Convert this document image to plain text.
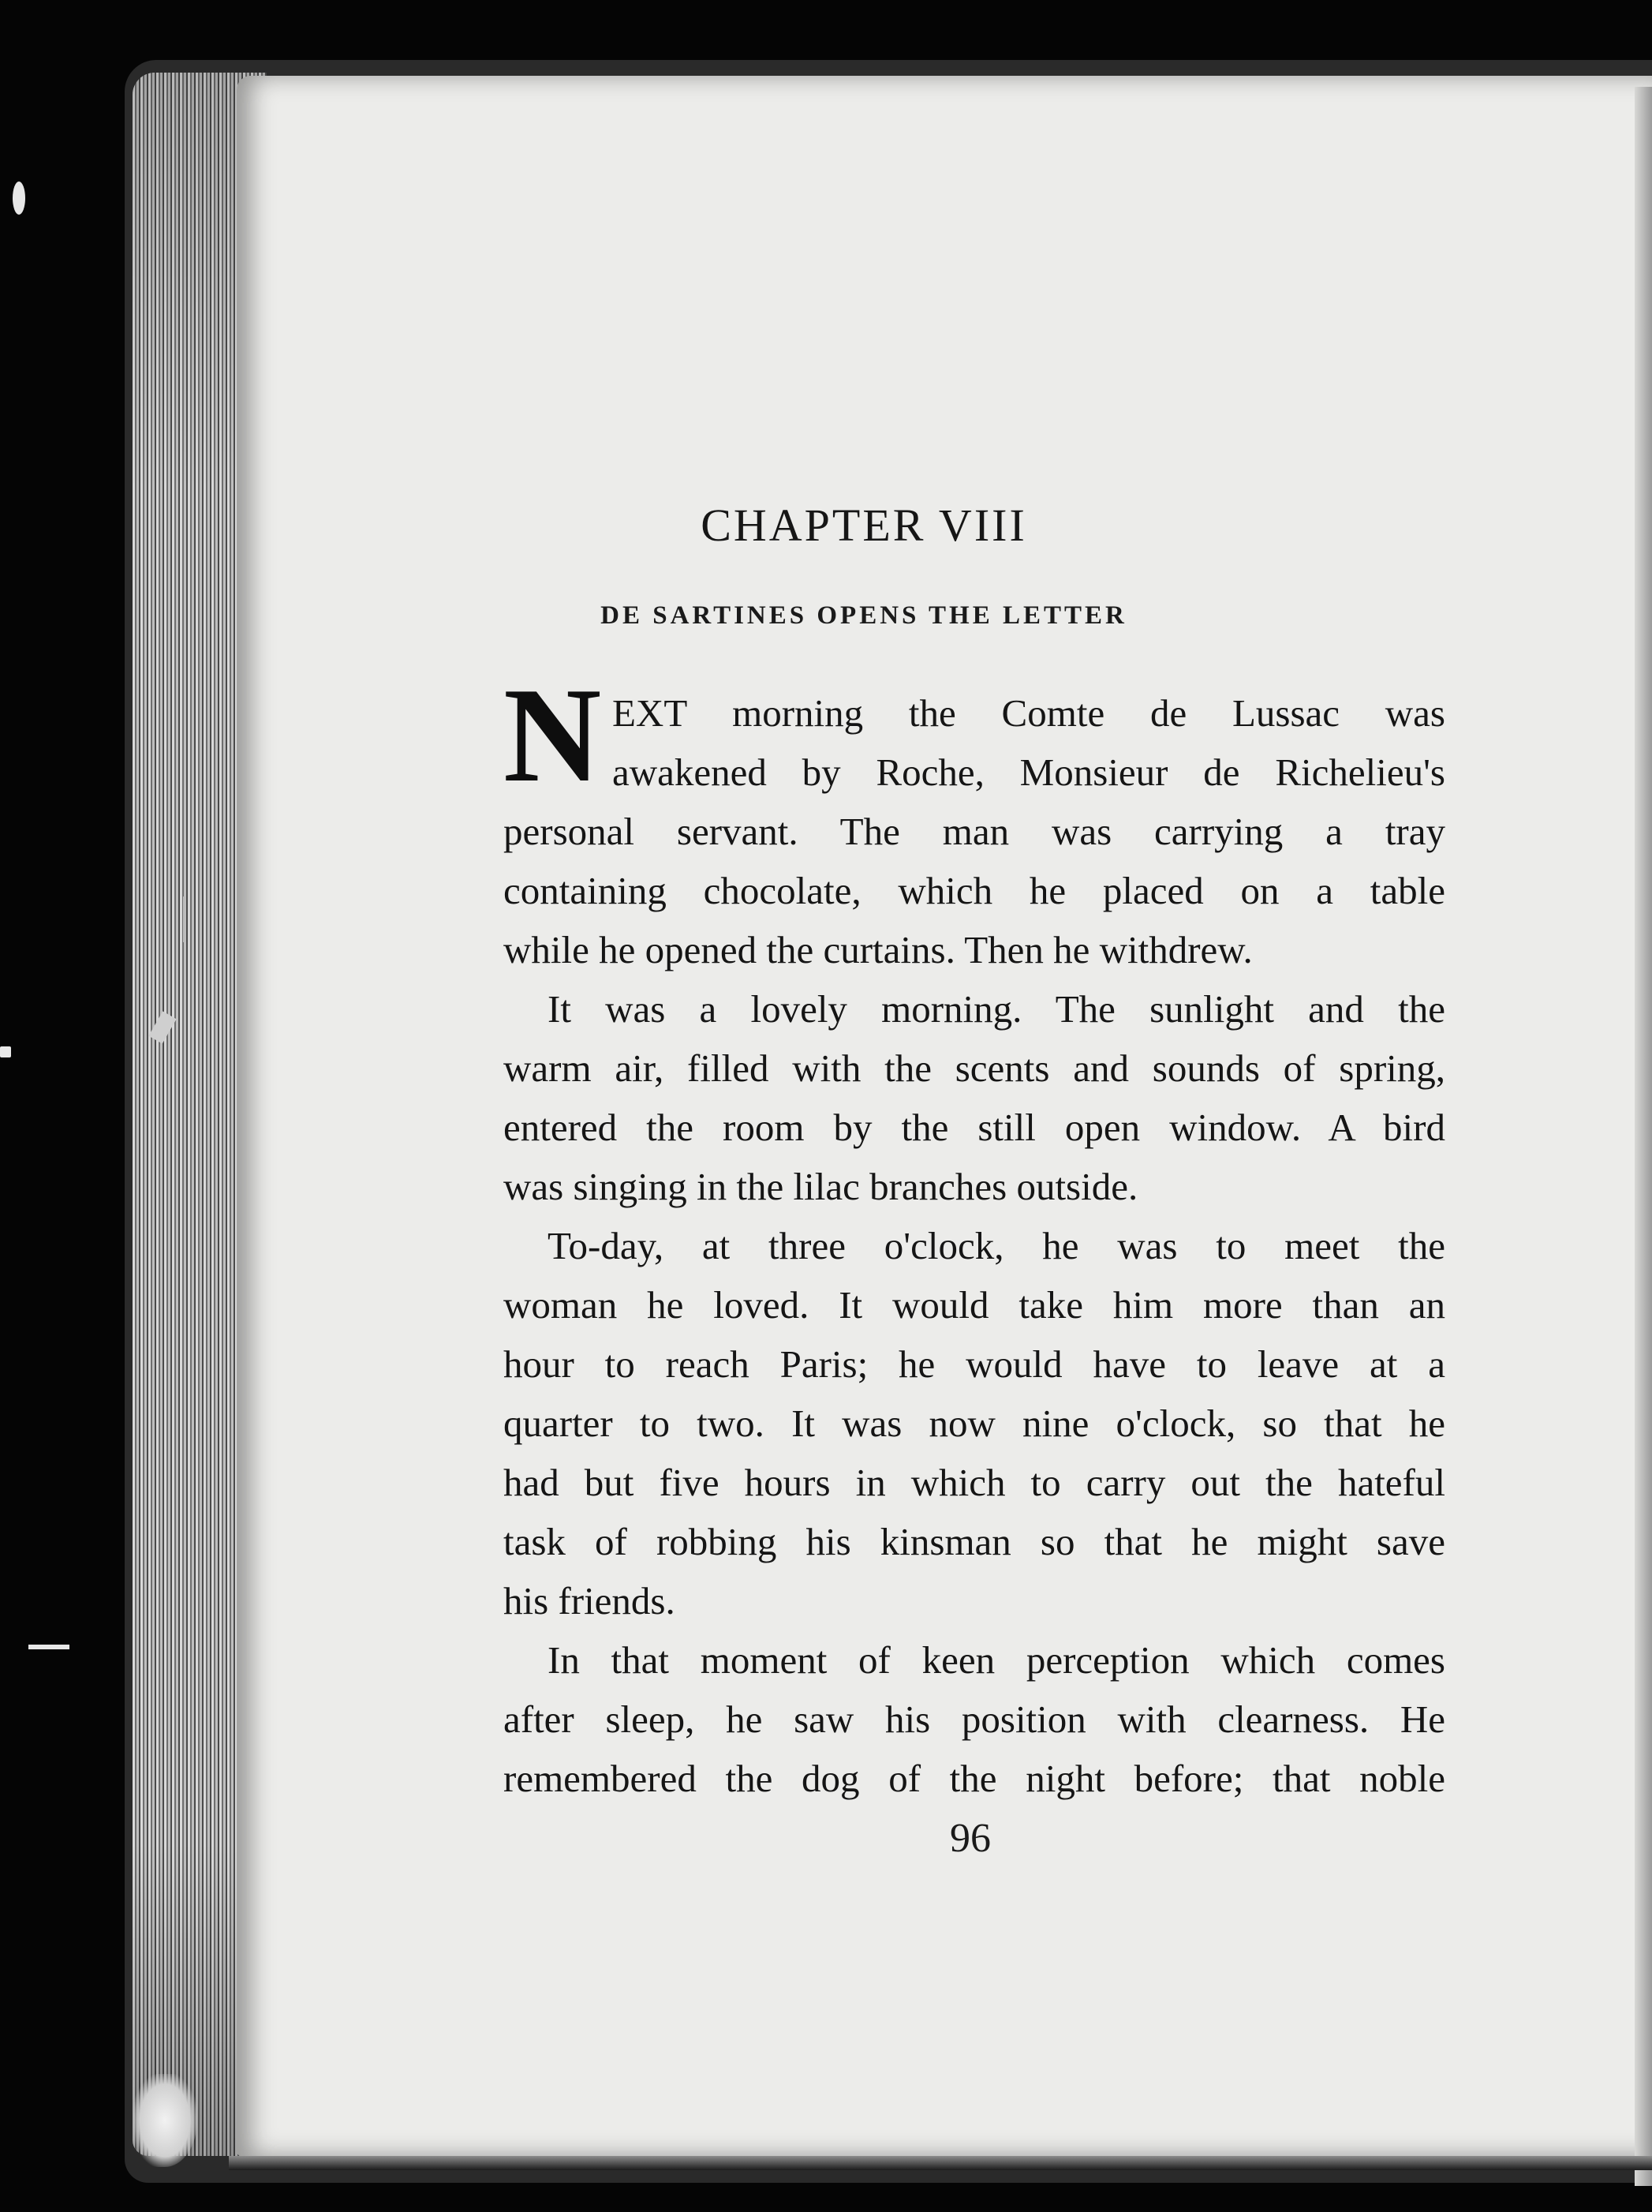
CHAPTER VIII
DE SARTINES OPENS THE LETTER
N EXT morning the Comte de Lussac was
awakened by Roche, Monsieur de Richelieu's
personal servant. The man was carrying a tray
containing chocolate, which he placed on a table
while he opened the curtains. Then he withdrew.
It was a lovely morning. The sunlight and the
warm air, filled with the scents and sounds of spring,
entered the room by the still open window. A bird
was singing in the lilac branches outside.
To-day, at three o'clock, he was to meet the
woman he loved. It would take him more than an
hour to reach Paris; he would have to leave at a
quarter to two. It was now nine o'clock, so that he
had but five hours in which to carry out the hateful
task of robbing his kinsman so that he might save
his friends.
In that moment of keen perception which comes
after sleep, he saw his position with clearness. He
remembered the dog of the night before; that noble
96
